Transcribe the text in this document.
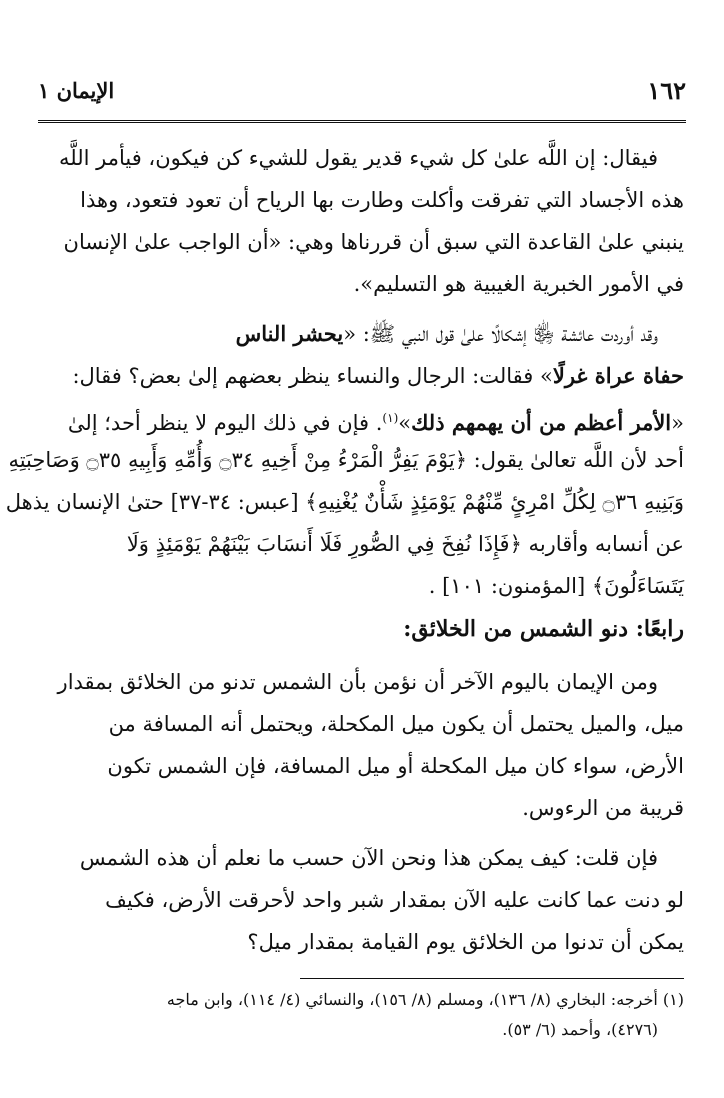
الإيمان ١	١٦٢
فيقال: إن اللَّه علىٰ كل شيء قدير يقول للشيء كن فيكون، فيأمر اللَّه
هذه الأجساد التي تفرقت وأكلت وطارت بها الرياح أن تعود فتعود، وهذا
ينبني علىٰ القاعدة التي سبق أن قررناها وهي: «أن الواجب علىٰ الإنسان
في الأمور الخبرية الغيبية هو التسليم».
وقد أوردت عائشة ﵂ إشكالًا علىٰ قول النبي ﷺ: «يحشر الناس
حفاة عراة غرلًا» فقالت: الرجال والنساء ينظر بعضهم إلىٰ بعض؟ فقال:
«الأمر أعظم من أن يهمهم ذلك»$^{(١)}$. فإن في ذلك اليوم لا ينظر أحد؛ إلىٰ
أحد لأن اللَّه تعالىٰ يقول: ﴿يَوْمَ يَفِرُّ الْمَرْءُ مِنْ أَخِيهِ ۝٣٤ وَأُمِّهِ وَأَبِيهِ ۝٣٥ وَصَاحِبَتِهِ
وَبَنِيهِ ۝٣٦ لِكُلِّ امْرِئٍ مِّنْهُمْ يَوْمَئِذٍ شَأْنٌ يُغْنِيهِ﴾ [عبس: ٣٤-٣٧] حتىٰ الإنسان يذهل
عن أنسابه وأقاربه ﴿فَإِذَا نُفِخَ فِي الصُّورِ فَلَا أَنسَابَ بَيْنَهُمْ يَوْمَئِذٍ وَلَا
يَتَسَاءَلُونَ﴾ [المؤمنون: ١٠١] .
رابعًا: دنو الشمس من الخلائق:
ومن الإيمان باليوم الآخر أن نؤمن بأن الشمس تدنو من الخلائق بمقدار
ميل، والميل يحتمل أن يكون ميل المكحلة، ويحتمل أنه المسافة من
الأرض، سواء كان ميل المكحلة أو ميل المسافة، فإن الشمس تكون
قريبة من الرءوس.
فإن قلت: كيف يمكن هذا ونحن الآن حسب ما نعلم أن هذه الشمس
لو دنت عما كانت عليه الآن بمقدار شبر واحد لأحرقت الأرض، فكيف
يمكن أن تدنوا من الخلائق يوم القيامة بمقدار ميل؟
(١) أخرجه: البخاري (٨/ ١٣٦)، ومسلم (٨/ ١٥٦)، والنسائي (٤/ ١١٤)، وابن ماجه
(٤٢٧٦)، وأحمد (٦/ ٥٣).
